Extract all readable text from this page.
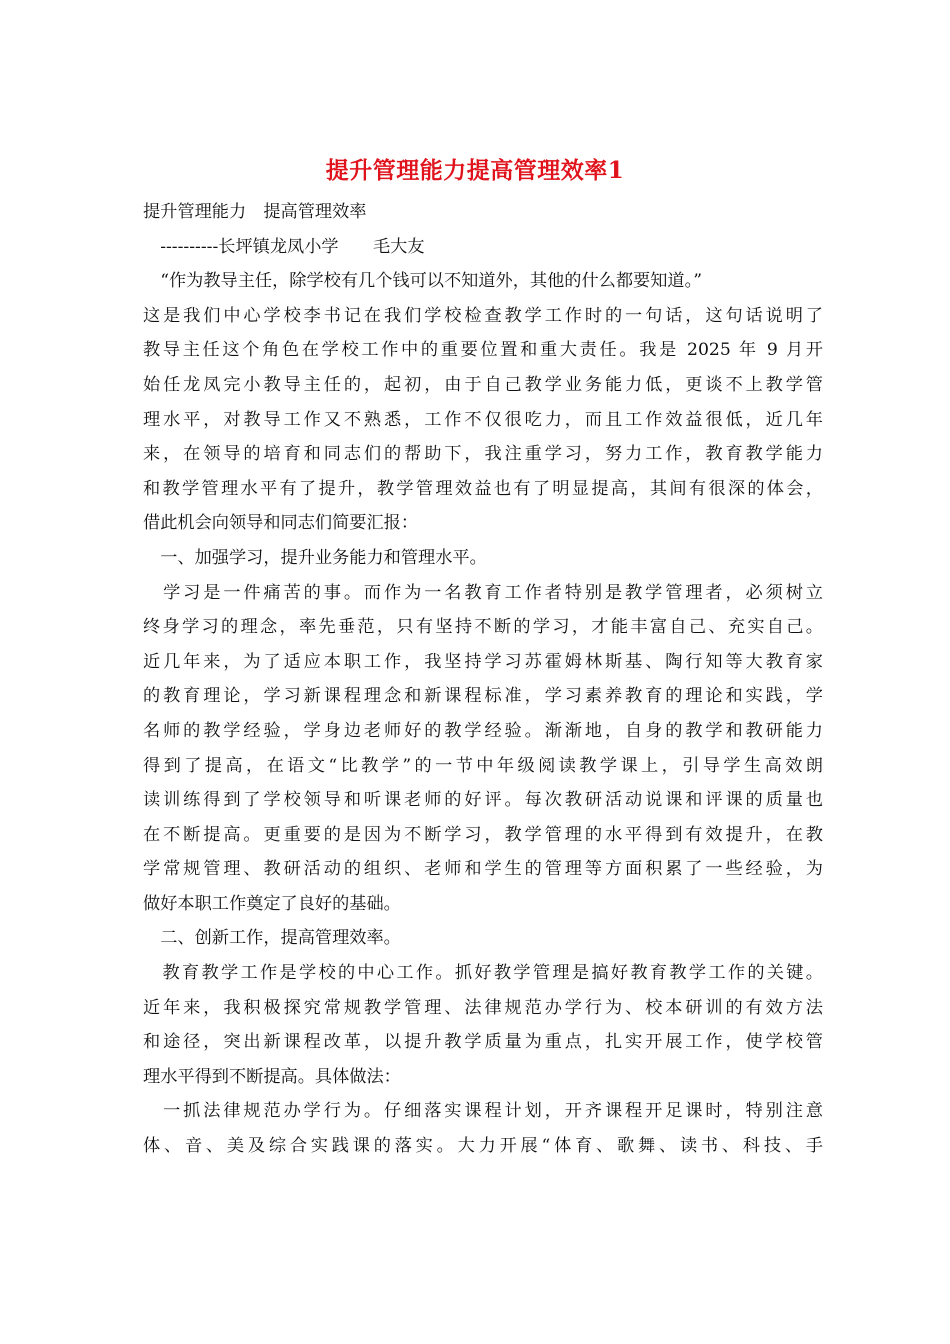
提升管理能力提高管理效率1
提升管理能力　提高管理效率
　----------长坪镇龙凤小学　　毛大友
　“作为教导主任，除学校有几个钱可以不知道外，其他的什么都要知道。”
这是我们中心学校李书记在我们学校检查教学工作时的一句话，这句话说明了
教导主任这个角色在学校工作中的重要位置和重大责任。我是 2025 年 9 月开
始任龙凤完小教导主任的，起初，由于自己教学业务能力低，更谈不上教学管
理水平，对教导工作又不熟悉，工作不仅很吃力，而且工作效益很低，近几年
来，在领导的培育和同志们的帮助下，我注重学习，努力工作，教育教学能力
和教学管理水平有了提升，教学管理效益也有了明显提高，其间有很深的体会，
借此机会向领导和同志们简要汇报：
　一、加强学习，提升业务能力和管理水平。
　学习是一件痛苦的事。而作为一名教育工作者特别是教学管理者，必须树立
终身学习的理念，率先垂范，只有坚持不断的学习，才能丰富自己、充实自己。
近几年来，为了适应本职工作，我坚持学习苏霍姆林斯基、陶行知等大教育家
的教育理论，学习新课程理念和新课程标准，学习素养教育的理论和实践，学
名师的教学经验，学身边老师好的教学经验。渐渐地，自身的教学和教研能力
得到了提高，在语文“比教学”的一节中年级阅读教学课上，引导学生高效朗
读训练得到了学校领导和听课老师的好评。每次教研活动说课和评课的质量也
在不断提高。更重要的是因为不断学习，教学管理的水平得到有效提升，在教
学常规管理、教研活动的组织、老师和学生的管理等方面积累了一些经验，为
做好本职工作奠定了良好的基础。
　二、创新工作，提高管理效率。
　教育教学工作是学校的中心工作。抓好教学管理是搞好教育教学工作的关键。
近年来，我积极探究常规教学管理、法律规范办学行为、校本研训的有效方法
和途径，突出新课程改革，以提升教学质量为重点，扎实开展工作，使学校管
理水平得到不断提高。具体做法：
　一抓法律规范办学行为。仔细落实课程计划，开齐课程开足课时，特别注意
体、音、美及综合实践课的落实。大力开展“体育、歌舞、读书、科技、手
